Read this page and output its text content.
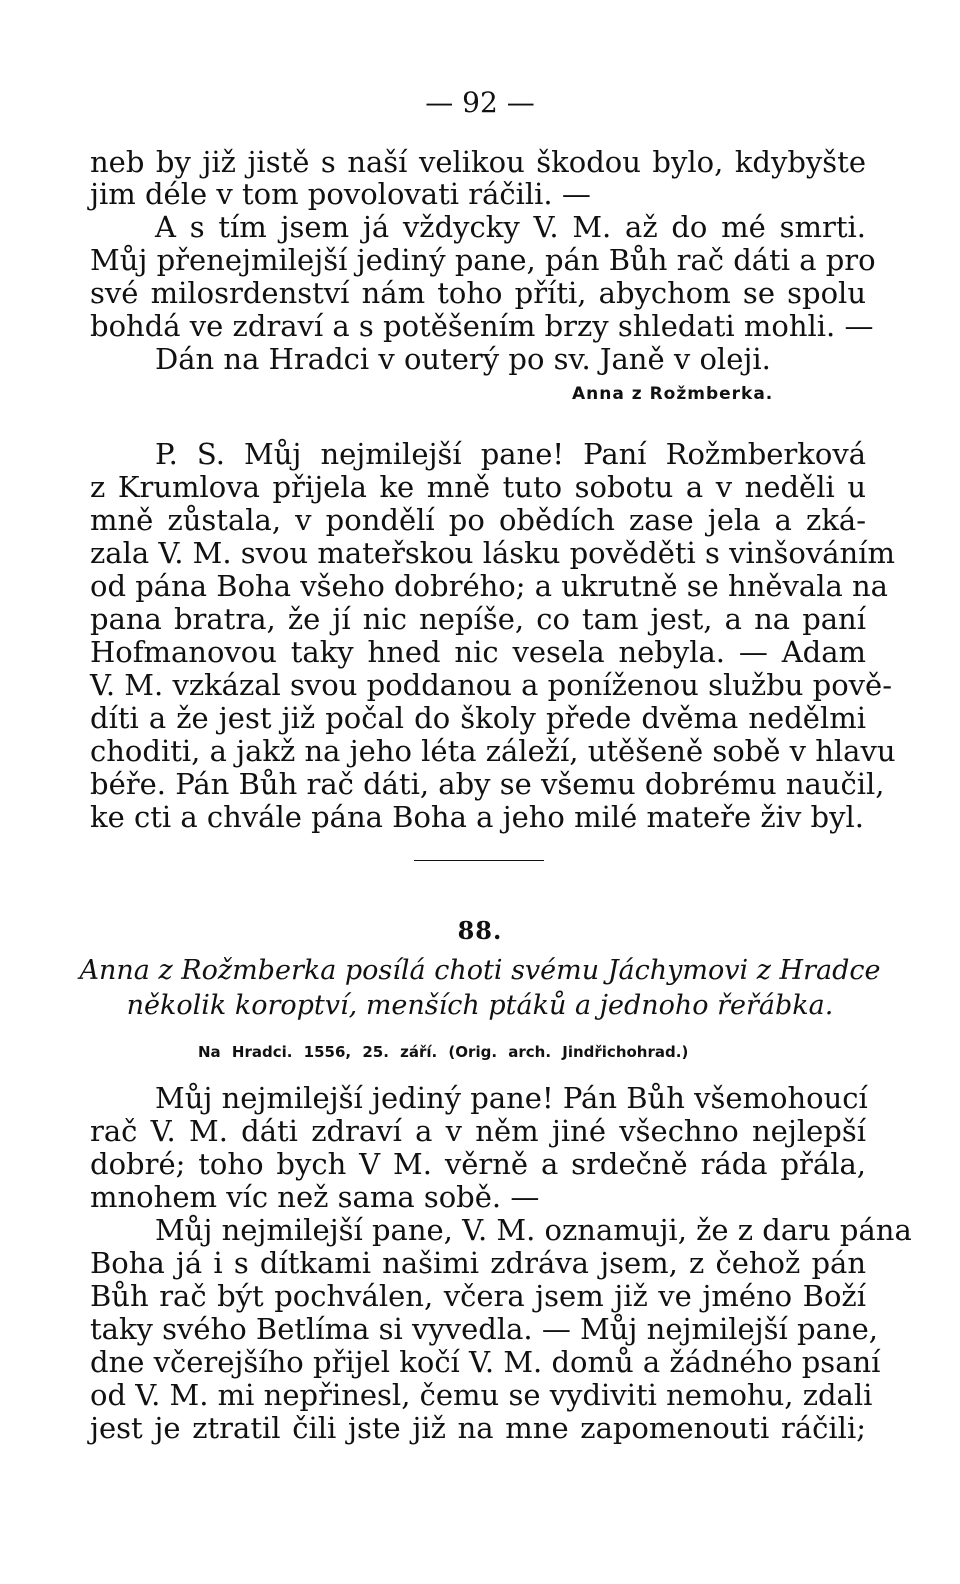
— 92 —
neb by již jistě s naší velikou škodou bylo, kdybyšte
jim déle v tom povolovati ráčili. —
A s tím jsem já vždycky V. M. až do mé smrti.
Můj přenejmilejší jediný pane, pán Bůh rač dáti a pro
své milosrdenství nám toho příti, abychom se spolu
bohdá ve zdraví a s potěšením brzy shledati mohli. —
Dán na Hradci v outerý po sv. Janě v oleji.
Anna z Rožmberka.
P. S. Můj nejmilejší pane! Paní Rožmberková
z Krumlova přijela ke mně tuto sobotu a v neděli u
mně zůstala, v pondělí po obědích zase jela a zká-
zala V. M. svou mateřskou lásku pověděti s vinšováním
od pána Boha všeho dobrého; a ukrutně se hněvala na
pana bratra, že jí nic nepíše, co tam jest, a na paní
Hofmanovou taky hned nic vesela nebyla. — Adam
V. M. vzkázal svou poddanou a poníženou službu pově-
díti a že jest již počal do školy přede dvěma nedělmi
choditi, a jakž na jeho léta záleží, utěšeně sobě v hlavu
béře. Pán Bůh rač dáti, aby se všemu dobrému naučil,
ke cti a chvále pána Boha a jeho milé mateře živ byl.
88.
Anna z Rožmberka posílá choti svému Jáchymovi z Hradce
několik koroptví, menších ptáků a jednoho řeřábka.
Na Hradci. 1556, 25. září. (Orig. arch. Jindřichohrad.)
Můj nejmilejší jediný pane! Pán Bůh všemohoucí
rač V. M. dáti zdraví a v něm jiné všechno nejlepší
dobré; toho bych V M. věrně a srdečně ráda přála,
mnohem víc než sama sobě. —
Můj nejmilejší pane, V. M. oznamuji, že z daru pána
Boha já i s dítkami našimi zdráva jsem, z čehož pán
Bůh rač být pochválen, včera jsem již ve jméno Boží
taky svého Betlíma si vyvedla. — Můj nejmilejší pane,
dne včerejšího přijel kočí V. M. domů a žádného psaní
od V. M. mi nepřinesl, čemu se vydiviti nemohu, zdali
jest je ztratil čili jste již na mne zapomenouti ráčili;
